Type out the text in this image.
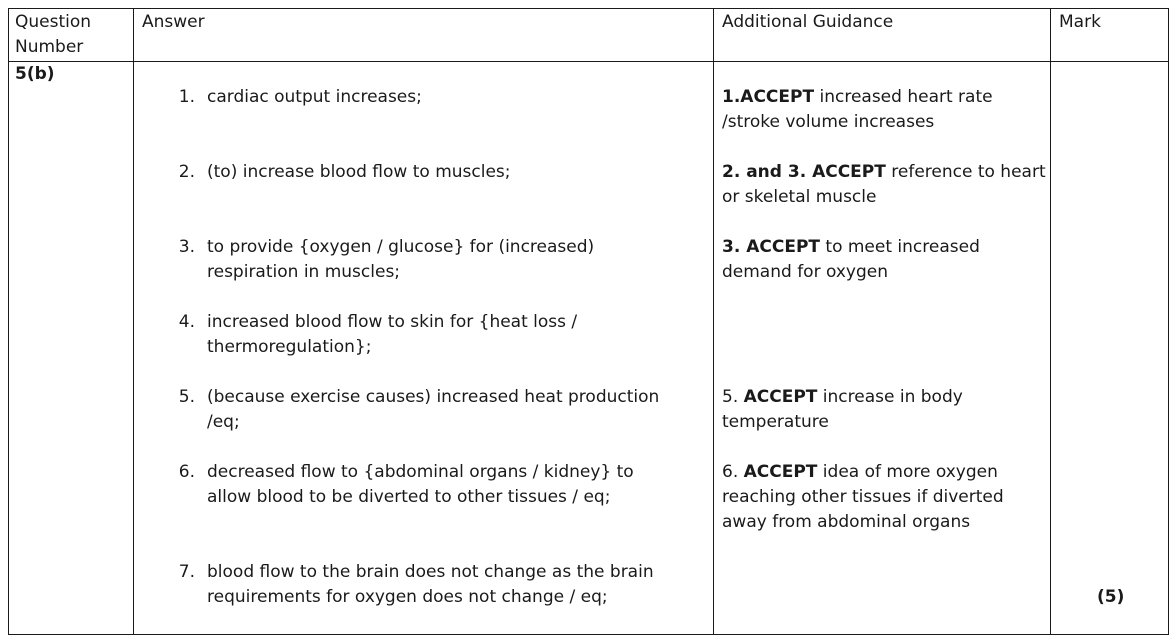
Question
Number
Answer	Additional Guidance	Mark
5(b)
1. cardiac output increases;
2. (to) increase blood flow to muscles;
3. to provide {oxygen / glucose} for (increased)
respiration in muscles;
4. increased blood flow to skin for {heat loss /
thermoregulation};
5. (because exercise causes) increased heat production
/eq;
6. decreased flow to {abdominal organs / kidney} to
allow blood to be diverted to other tissues / eq;
7. blood flow to the brain does not change as the brain
requirements for oxygen does not change / eq;
1.ACCEPT increased heart rate
/stroke volume increases
2. and 3. ACCEPT reference to heart
or skeletal muscle
3. ACCEPT to meet increased
demand for oxygen
5. ACCEPT increase in body
temperature
6. ACCEPT idea of more oxygen
reaching other tissues if diverted
away from abdominal organs
(5)
